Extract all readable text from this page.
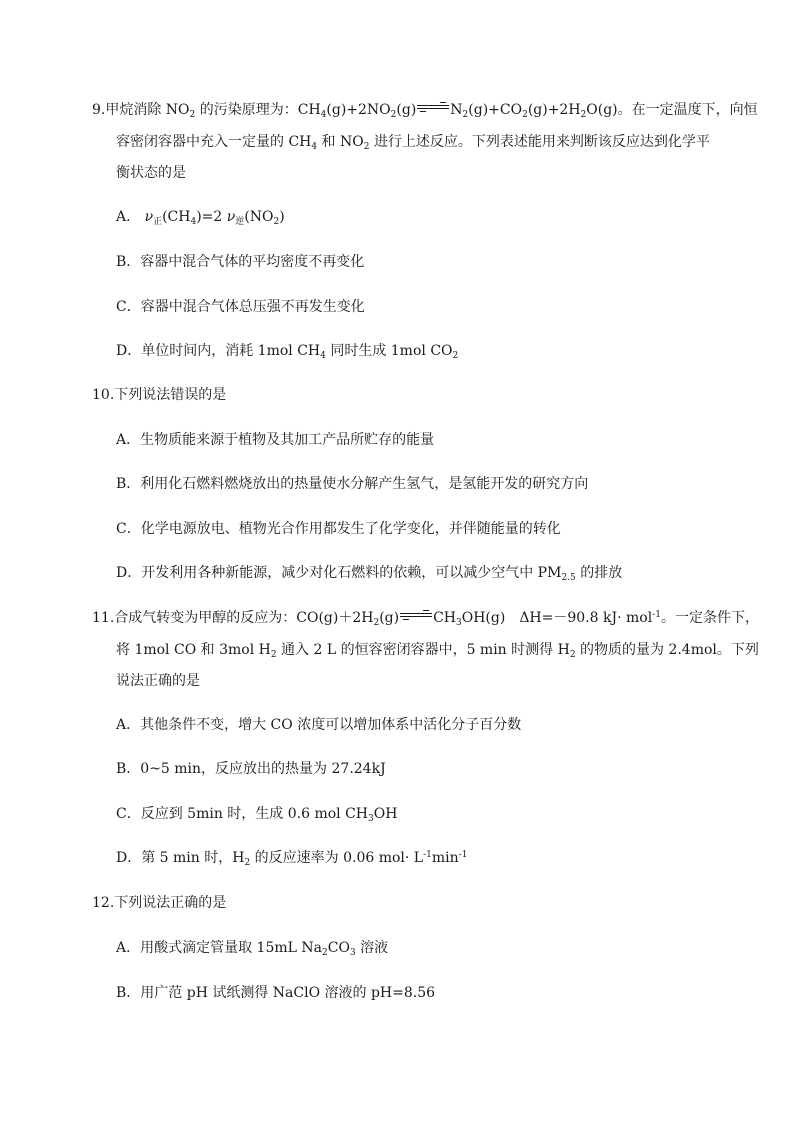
9.甲烷消除 $NO_2$ 的污染原理为：$CH_4(g)+2NO_2(g)\to N_2(g)+CO_2(g)+2H_2O(g)$。在一定温度下，向恒
容密闭容器中充入一定量的 $CH_4$ 和 $NO_2$ 进行上述反应。下列表述能用来判断该反应达到化学平
衡状态的是
A． $\nu_正(CH_4)=2$ $\nu_逆(NO_2)$
B．容器中混合气体的平均密度不再变化
C．容器中混合气体总压强不再发生变化
D．单位时间内，消耗 1mol $CH_4$ 同时生成 1mol $CO_2$
10.下列说法错误的是
A．生物质能来源于植物及其加工产品所贮存的能量
B．利用化石燃料燃烧放出的热量使水分解产生氢气，是氢能开发的研究方向
C．化学电源放电、植物光合作用都发生了化学变化，并伴随能量的转化
D．开发利用各种新能源，减少对化石燃料的依赖，可以减少空气中 $PM_{2.5}$ 的排放
11.合成气转变为甲醇的反应为：$CO(g)+2H_2(g)\to CH_3OH(g)$　ΔH=－90.8 kJ· mol$^{-1}$。一定条件下，
将 1mol CO 和 3mol $H_2$ 通入 2 L 的恒容密闭容器中，5 min 时测得 $H_2$ 的物质的量为 2.4mol。下列
说法正确的是
A．其他条件不变，增大 CO 浓度可以增加体系中活化分子百分数
B．0~5 min，反应放出的热量为 27.24kJ
C．反应到 5min 时，生成 0.6 mol $CH_3OH$
D．第 5 min 时，$H_2$ 的反应速率为 0.06 $mol\cdot L^{-1}\min^{-1}$
12.下列说法正确的是
A．用酸式滴定管量取 15mL $Na_2CO_3$ 溶液
B．用广范 pH 试纸测得 NaClO 溶液的 pH=8.56
